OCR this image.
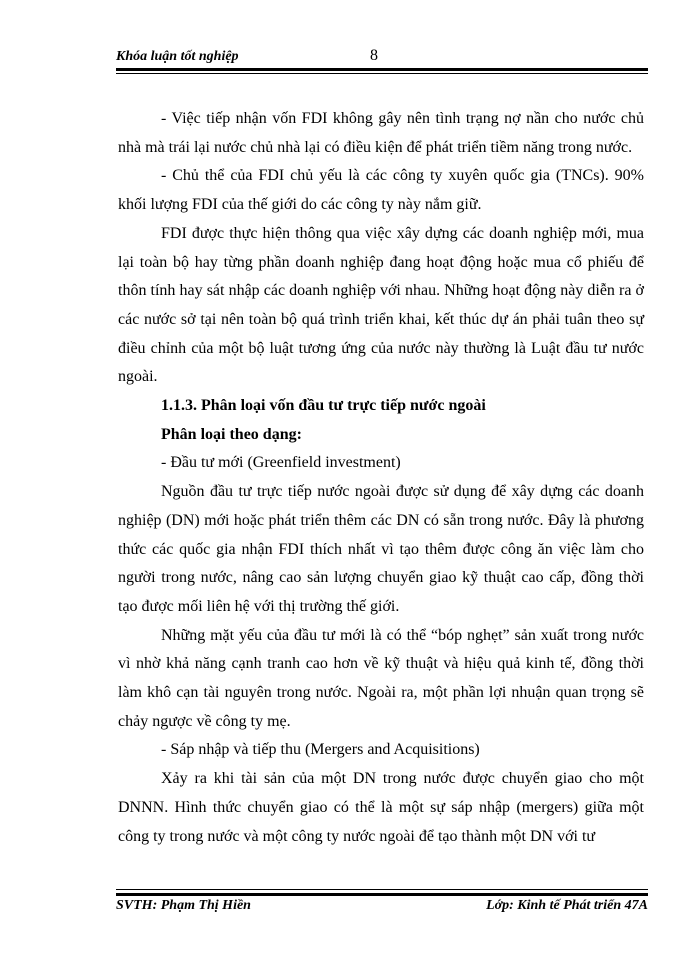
Khóa luận tốt nghiệp	8

- Việc tiếp nhận vốn FDI không gây nên tình trạng nợ nần cho nước chủ nhà mà trái lại nước chủ nhà lại có điều kiện để phát triển tiềm năng trong nước.

- Chủ thể của FDI chủ yếu là các công ty xuyên quốc gia (TNCs). 90% khối lượng FDI của thế giới do các công ty này nắm giữ.

FDI được thực hiện thông qua việc xây dựng các doanh nghiệp mới, mua lại toàn bộ hay từng phần doanh nghiệp đang hoạt động hoặc mua cổ phiếu để thôn tính hay sát nhập các doanh nghiệp với nhau. Những hoạt động này diễn ra ở các nước sở tại nên toàn bộ quá trình triển khai, kết thúc dự án phải tuân theo sự điều chỉnh của một bộ luật tương ứng của nước này thường là Luật đầu tư nước ngoài.

1.1.3. Phân loại vốn đầu tư trực tiếp nước ngoài

Phân loại theo dạng:

- Đầu tư mới (Greenfield investment)

Nguồn đầu tư trực tiếp nước ngoài được sử dụng để xây dựng các doanh nghiệp (DN) mới hoặc phát triển thêm các DN có sẵn trong nước. Đây là phương thức các quốc gia nhận FDI thích nhất vì tạo thêm được công ăn việc làm cho người trong nước, nâng cao sản lượng chuyển giao kỹ thuật cao cấp, đồng thời tạo được mối liên hệ với thị trường thế giới.

Những mặt yếu của đầu tư mới là có thể “bóp nghẹt” sản xuất trong nước vì nhờ khả năng cạnh tranh cao hơn về kỹ thuật và hiệu quả kinh tế, đồng thời làm khô cạn tài nguyên trong nước. Ngoài ra, một phần lợi nhuận quan trọng sẽ chảy ngược về công ty mẹ.

- Sáp nhập và tiếp thu (Mergers and Acquisitions)

Xảy ra khi tài sản của một DN trong nước được chuyển giao cho một DNNN. Hình thức chuyển giao có thể là một sự sáp nhập (mergers) giữa một công ty trong nước và một công ty nước ngoài để tạo thành một DN với tư

SVTH: Phạm Thị Hiền	Lớp: Kinh tế Phát triển 47A
